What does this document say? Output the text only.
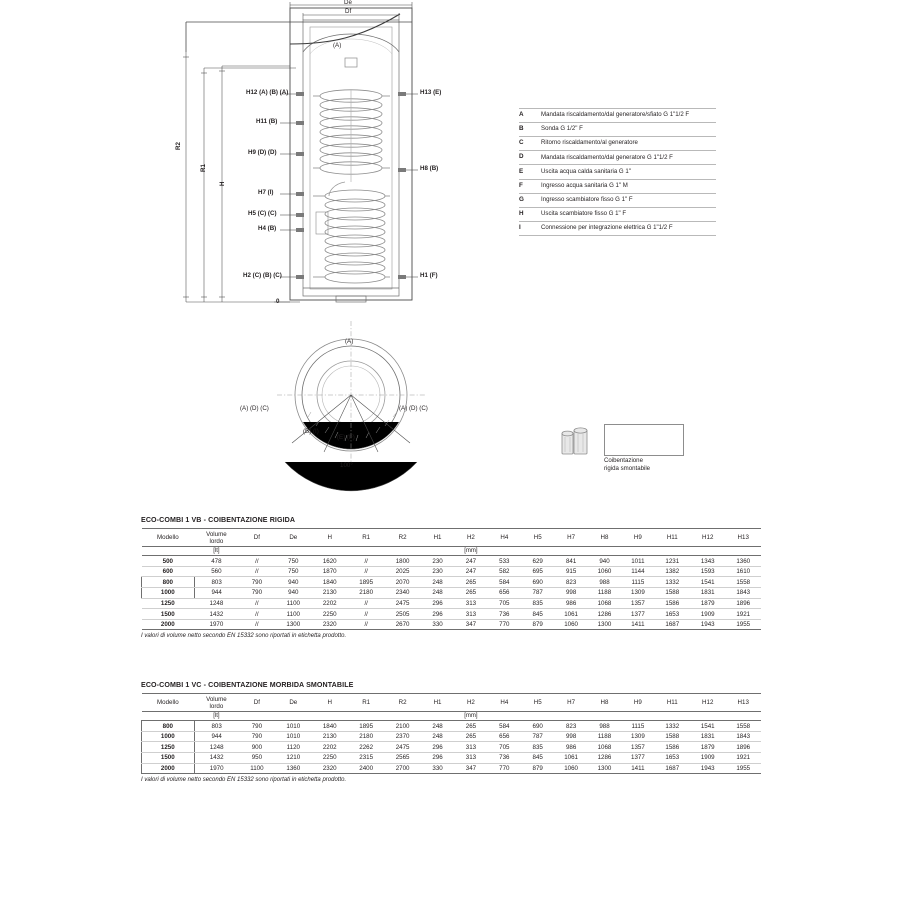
De
Df
(A)
100°
H12 (A) (B) (A)
H11 (B)
H9 (D) (D)
H7 (I)
H5 (C) (C)
H4 (B)
H2 (C) (B) (C)
H13 (E)
H8 (B)
H1 (F)
R2
R1
H
0
(A)
(A) (D) (C)	(A) (D) (C)
(B) (I)
(E) (F)
A	Mandata riscaldamento/dal generatore/sfiato G 1"1/2 F
B	Sonda G 1/2" F
C	Ritorno riscaldamento/al generatore
D	Mandata riscaldamento/dal generatore G 1"1/2 F
E	Uscita acqua calda sanitaria G 1"
F	Ingresso acqua sanitaria G 1" M
G	Ingresso scambiatore fisso G 1" F
H	Uscita scambiatore fisso G 1" F
I	Connessione per integrazione elettrica G 1"1/2 F
Coibentazione
rigida smontabile
ECO-COMBI 1 VB - COIBENTAZIONE RIGIDA
Modello	Volume
lordo	Df	De	H	R1	R2	H1	H2	H4	H5	H7	H8	H9	H11	H12	H13
	[lt]							[mm]								
500	478	//	750	1620	//	1800	230	247	533	629	841	940	1011	1231	1343	1360
600	560	//	750	1870	//	2025	230	247	582	695	915	1060	1144	1382	1593	1610
800	803	790	940	1840	1895	2070	248	265	584	690	823	988	1115	1332	1541	1558
1000	944	790	940	2130	2180	2340	248	265	656	787	998	1188	1309	1588	1831	1843
1250	1248	//	1100	2202	//	2475	296	313	705	835	986	1068	1357	1586	1879	1896
1500	1432	//	1100	2250	//	2505	296	313	736	845	1061	1286	1377	1653	1909	1921
2000	1970	//	1300	2320	//	2670	330	347	770	879	1060	1300	1411	1687	1943	1955
I valori di volume netto secondo EN 15332 sono riportati in etichetta prodotto.
ECO-COMBI 1 VC - COIBENTAZIONE MORBIDA SMONTABILE
Modello	Volume
lordo	Df	De	H	R1	R2	H1	H2	H4	H5	H7	H8	H9	H11	H12	H13
	[lt]							[mm]								
800	803	790	1010	1840	1895	2100	248	265	584	690	823	988	1115	1332	1541	1558
1000	944	790	1010	2130	2180	2370	248	265	656	787	998	1188	1309	1588	1831	1843
1250	1248	900	1120	2202	2262	2475	296	313	705	835	986	1068	1357	1586	1879	1896
1500	1432	950	1210	2250	2315	2565	296	313	736	845	1061	1286	1377	1653	1909	1921
2000	1970	1100	1360	2320	2400	2700	330	347	770	879	1060	1300	1411	1687	1943	1955
I valori di volume netto secondo EN 15332 sono riportati in etichetta prodotto.
